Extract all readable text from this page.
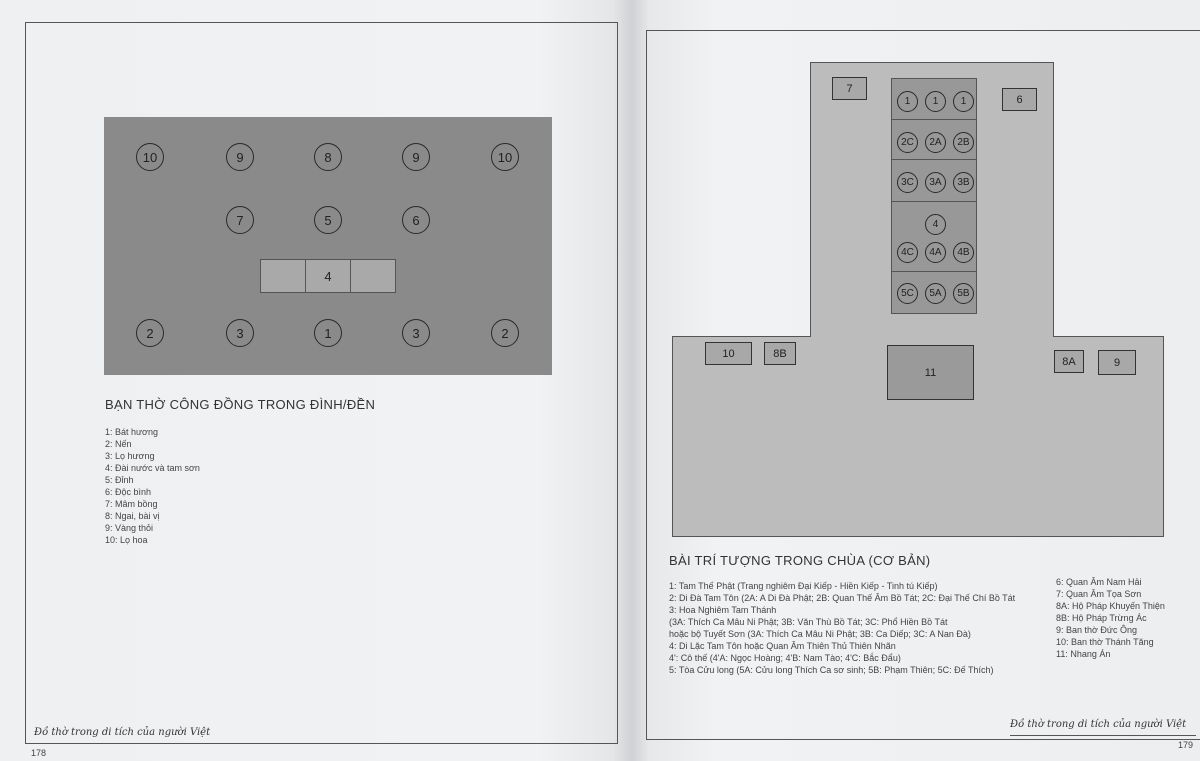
10	9	8	9	10
7	5	6
4
2	3	1	3	2
BẠN THỜ CÔNG ĐỒNG TRONG ĐÌNH/ĐỀN
1: Bát hương
2: Nến
3: Lọ hương
4: Đài nước và tam sơn
5: Đỉnh
6: Độc bình
7: Mâm bồng
8: Ngai, bài vị
9: Vàng thỏi
10: Lọ hoa
Đồ thờ trong di tích của người Việt
178
7
6
1	1	1
2C	2A	2B
3C	3A	3B
4
4C	4A	4B
5C	5A	5B
10	8B
11
8A	9
BÀI TRÍ TƯỢNG TRONG CHÙA (CƠ BẢN)
1: Tam Thế Phật (Trang nghiêm Đại Kiếp - Hiền Kiếp - Tinh tú Kiếp)
2: Di Đà Tam Tôn (2A: A Di Đà Phật; 2B: Quan Thế Âm Bồ Tát; 2C: Đại Thế Chí Bồ Tát
3: Hoa Nghiêm Tam Thánh
(3A: Thích Ca Mâu Ni Phật; 3B: Văn Thù Bồ Tát; 3C: Phổ Hiền Bồ Tát
hoặc bộ Tuyết Sơn (3A: Thích Ca Mâu Ni Phật; 3B: Ca Diếp; 3C: A Nan Đà)
4: Di Lặc Tam Tôn hoặc Quan Âm Thiên Thủ Thiên Nhãn
4': Cô thế (4'A: Ngọc Hoàng; 4'B: Nam Tào; 4'C: Bắc Đẩu)
5: Tòa Cửu long (5A: Cửu long Thích Ca sơ sinh; 5B: Phạm Thiên; 5C: Đế Thích)
6: Quan Âm Nam Hải
7: Quan Âm Tọa Sơn
8A: Hộ Pháp Khuyến Thiện
8B: Hộ Pháp Trừng Ác
9: Ban thờ Đức Ông
10: Ban thờ Thánh Tăng
11: Nhang Án
Đồ thờ trong di tích của người Việt
179
